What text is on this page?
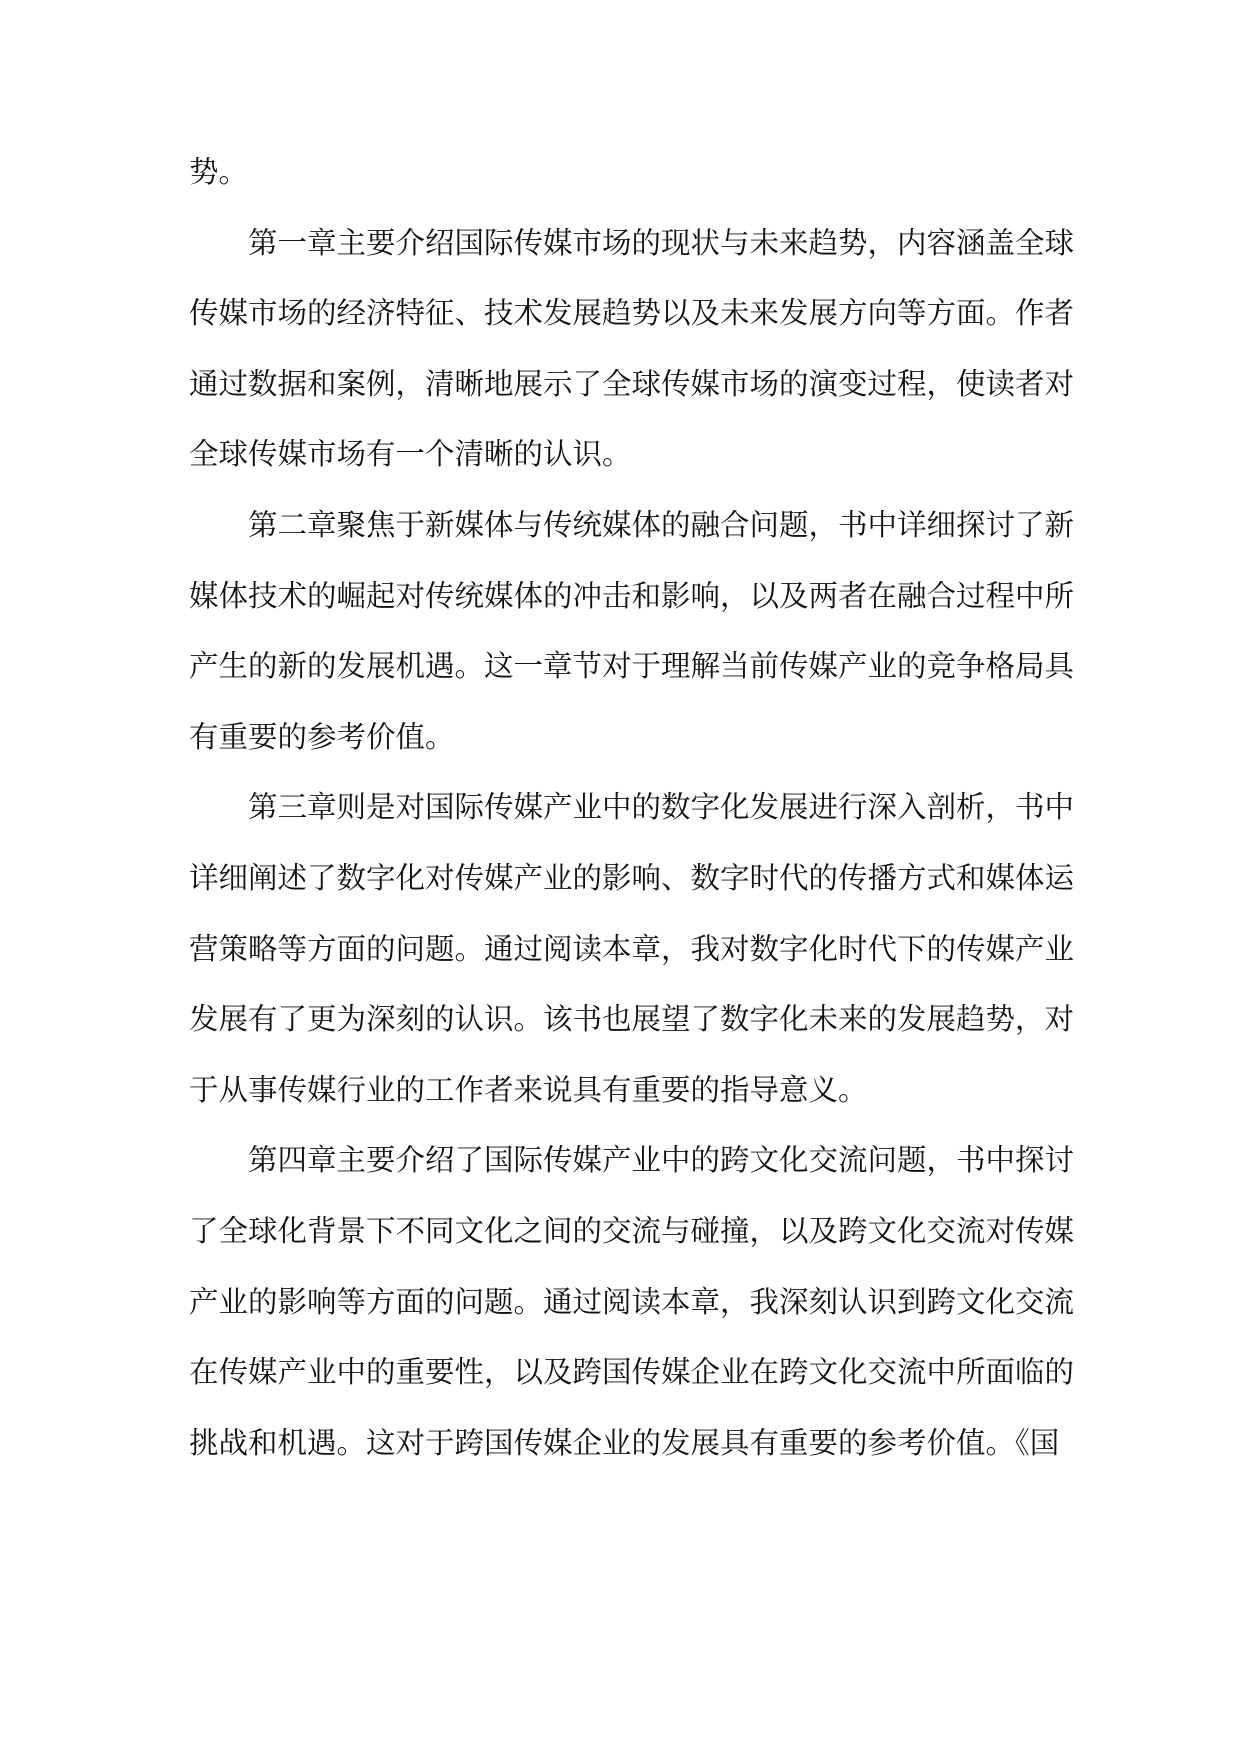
势。
第一章主要介绍国际传媒市场的现状与未来趋势，内容涵盖全球
传媒市场的经济特征、技术发展趋势以及未来发展方向等方面。作者
通过数据和案例，清晰地展示了全球传媒市场的演变过程，使读者对
全球传媒市场有一个清晰的认识。
第二章聚焦于新媒体与传统媒体的融合问题，书中详细探讨了新
媒体技术的崛起对传统媒体的冲击和影响，以及两者在融合过程中所
产生的新的发展机遇。这一章节对于理解当前传媒产业的竞争格局具
有重要的参考价值。
第三章则是对国际传媒产业中的数字化发展进行深入剖析，书中
详细阐述了数字化对传媒产业的影响、数字时代的传播方式和媒体运
营策略等方面的问题。通过阅读本章，我对数字化时代下的传媒产业
发展有了更为深刻的认识。该书也展望了数字化未来的发展趋势，对
于从事传媒行业的工作者来说具有重要的指导意义。
第四章主要介绍了国际传媒产业中的跨文化交流问题，书中探讨
了全球化背景下不同文化之间的交流与碰撞，以及跨文化交流对传媒
产业的影响等方面的问题。通过阅读本章，我深刻认识到跨文化交流
在传媒产业中的重要性，以及跨国传媒企业在跨文化交流中所面临的
挑战和机遇。这对于跨国传媒企业的发展具有重要的参考价值。《国
